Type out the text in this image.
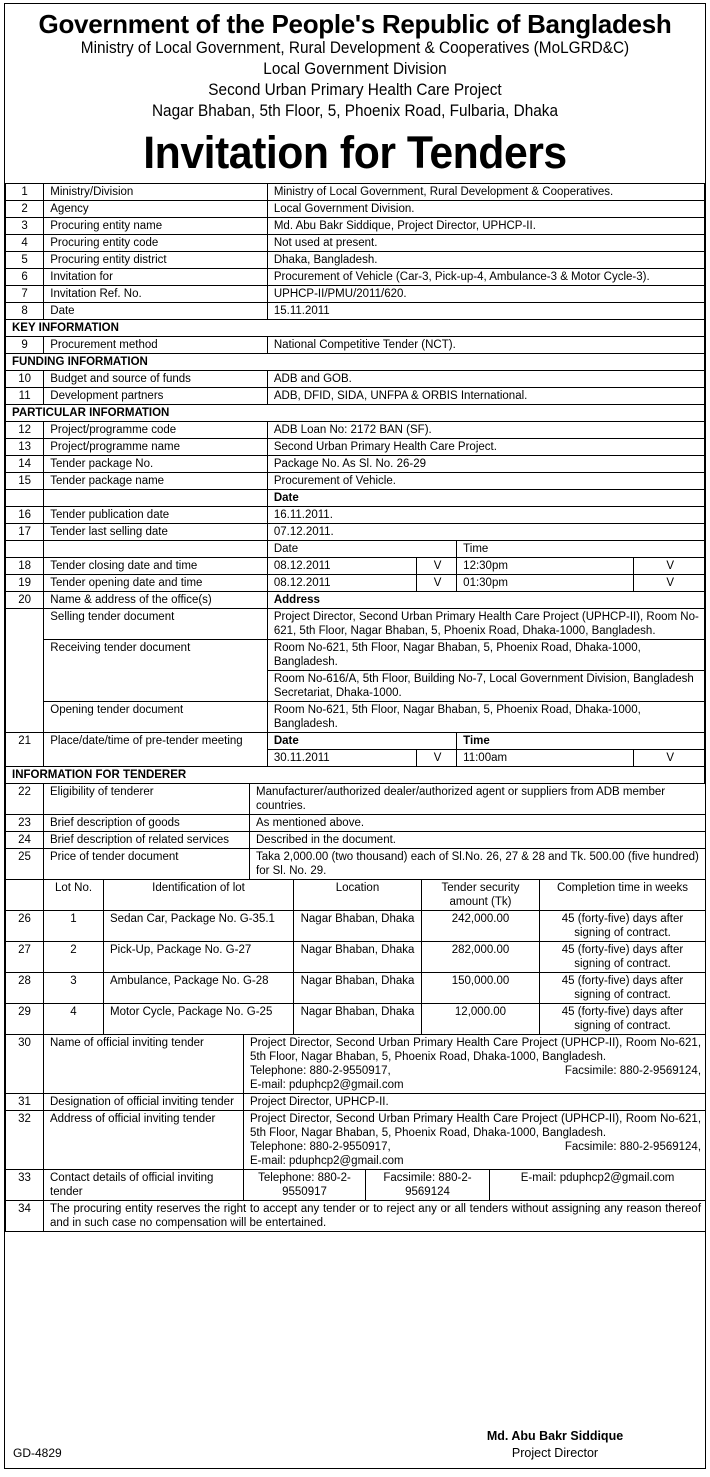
Government of the People's Republic of Bangladesh
Ministry of Local Government, Rural Development & Cooperatives (MoLGRD&C)
Local Government Division
Second Urban Primary Health Care Project
Nagar Bhaban, 5th Floor, 5, Phoenix Road, Fulbaria, Dhaka
Invitation for Tenders
1	Ministry/Division	Ministry of Local Government, Rural Development & Cooperatives.			
2	Agency	Local Government Division.			
3	Procuring entity name	Md. Abu Bakr Siddique, Project Director, UPHCP-II.			
4	Procuring entity code	Not used at present.			
5	Procuring entity district	Dhaka, Bangladesh.			
6	Invitation for	Procurement of Vehicle (Car-3, Pick-up-4, Ambulance-3 & Motor Cycle-3).			
7	Invitation Ref. No.	UPHCP-II/PMU/2011/620.			
8	Date	15.11.2011			
KEY INFORMATION					
9	Procurement method	National Competitive Tender (NCT).			
FUNDING INFORMATION					
10	Budget and source of funds	ADB and GOB.			
11	Development partners	ADB, DFID, SIDA, UNFPA & ORBIS International.			
PARTICULAR INFORMATION					
12	Project/programme code	ADB Loan No: 2172 BAN (SF).			
13	Project/programme name	Second Urban Primary Health Care Project.			
14	Tender package No.	Package No. As Sl. No. 26-29			
15	Tender package name	Procurement of Vehicle.			
		Date			
16	Tender publication date	16.11.2011.			
17	Tender last selling date	07.12.2011.			
		Date		Time	
18	Tender closing date and time	08.12.2011	V	12:30pm	V
19	Tender opening date and time	08.12.2011	V	01:30pm	V
20	Name & address of the office(s)	Address			
	Selling tender document	Project Director, Second Urban Primary Health Care Project (UPHCP-II), Room No-621, 5th Floor, Nagar Bhaban, 5, Phoenix Road, Dhaka-1000, Bangladesh.			
	Receiving tender document	Room No-621, 5th Floor, Nagar Bhaban, 5, Phoenix Road, Dhaka-1000, Bangladesh.			
		Room No-616/A, 5th Floor, Building No-7, Local Government Division, Bangladesh Secretariat, Dhaka-1000.			
	Opening tender document	Room No-621, 5th Floor, Nagar Bhaban, 5, Phoenix Road, Dhaka-1000, Bangladesh.			
21	Place/date/time of pre-tender meeting	Date		Time	
		30.11.2011	V	11:00am	V
INFORMATION FOR TENDERER					
22	Eligibility of tenderer	Manufacturer/authorized dealer/authorized agent or suppliers from ADB member countries.
23	Brief description of goods	As mentioned above.
24	Brief description of related services	Described in the document.
25	Price of tender document	Taka 2,000.00 (two thousand) each of Sl.No. 26, 27 & 28 and Tk. 500.00 (five hundred) for Sl. No. 29.
	Lot No.	Identification of lot	Location	Tender security amount (Tk)	Completion time in weeks
26	1	Sedan Car, Package No. G-35.1	Nagar Bhaban, Dhaka	242,000.00	45 (forty-five) days after signing of contract.
27	2	Pick-Up, Package No. G-27	Nagar Bhaban, Dhaka	282,000.00	45 (forty-five) days after signing of contract.
28	3	Ambulance, Package No. G-28	Nagar Bhaban, Dhaka	150,000.00	45 (forty-five) days after signing of contract.
29	4	Motor Cycle, Package No. G-25	Nagar Bhaban, Dhaka	12,000.00	45 (forty-five) days after signing of contract.
30	Name of official inviting tender	Project Director, Second Urban Primary Health Care Project (UPHCP-II), Room No-621, 5th Floor, Nagar Bhaban, 5, Phoenix Road, Dhaka-1000, Bangladesh.
Telephone: 880-2-9550917, Facsimile: 880-2-9569124,
E-mail: pduphcp2@gmail.com		

31	Designation of official inviting tender	Project Director, UPHCP-II.		
32	Address of official inviting tender	Project Director, Second Urban Primary Health Care Project (UPHCP-II), Room No-621, 5th Floor, Nagar Bhaban, 5, Phoenix Road, Dhaka-1000, Bangladesh.
Telephone: 880-2-9550917, Facsimile: 880-2-9569124,
E-mail: pduphcp2@gmail.com		

33	Contact details of official inviting tender	Telephone: 880-2-9550917	Facsimile: 880-2-9569124	E-mail: pduphcp2@gmail.com
34	The procuring entity reserves the right to accept any tender or to reject any or all tenders without assigning any reason thereof and in such case no compensation will be entertained.			
GD-4829
Md. Abu Bakr Siddique
Project Director
